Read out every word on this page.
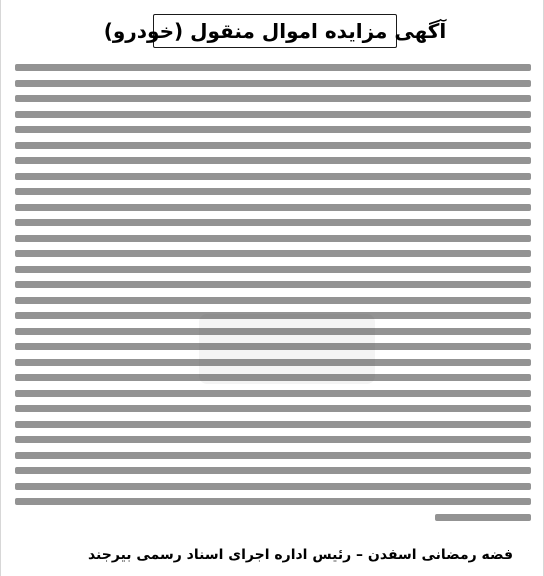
آگهی مزایده اموال منقول (خودرو)
فضه رمضانی اسفدن – رئیس اداره اجرای اسناد رسمی بیرجند
